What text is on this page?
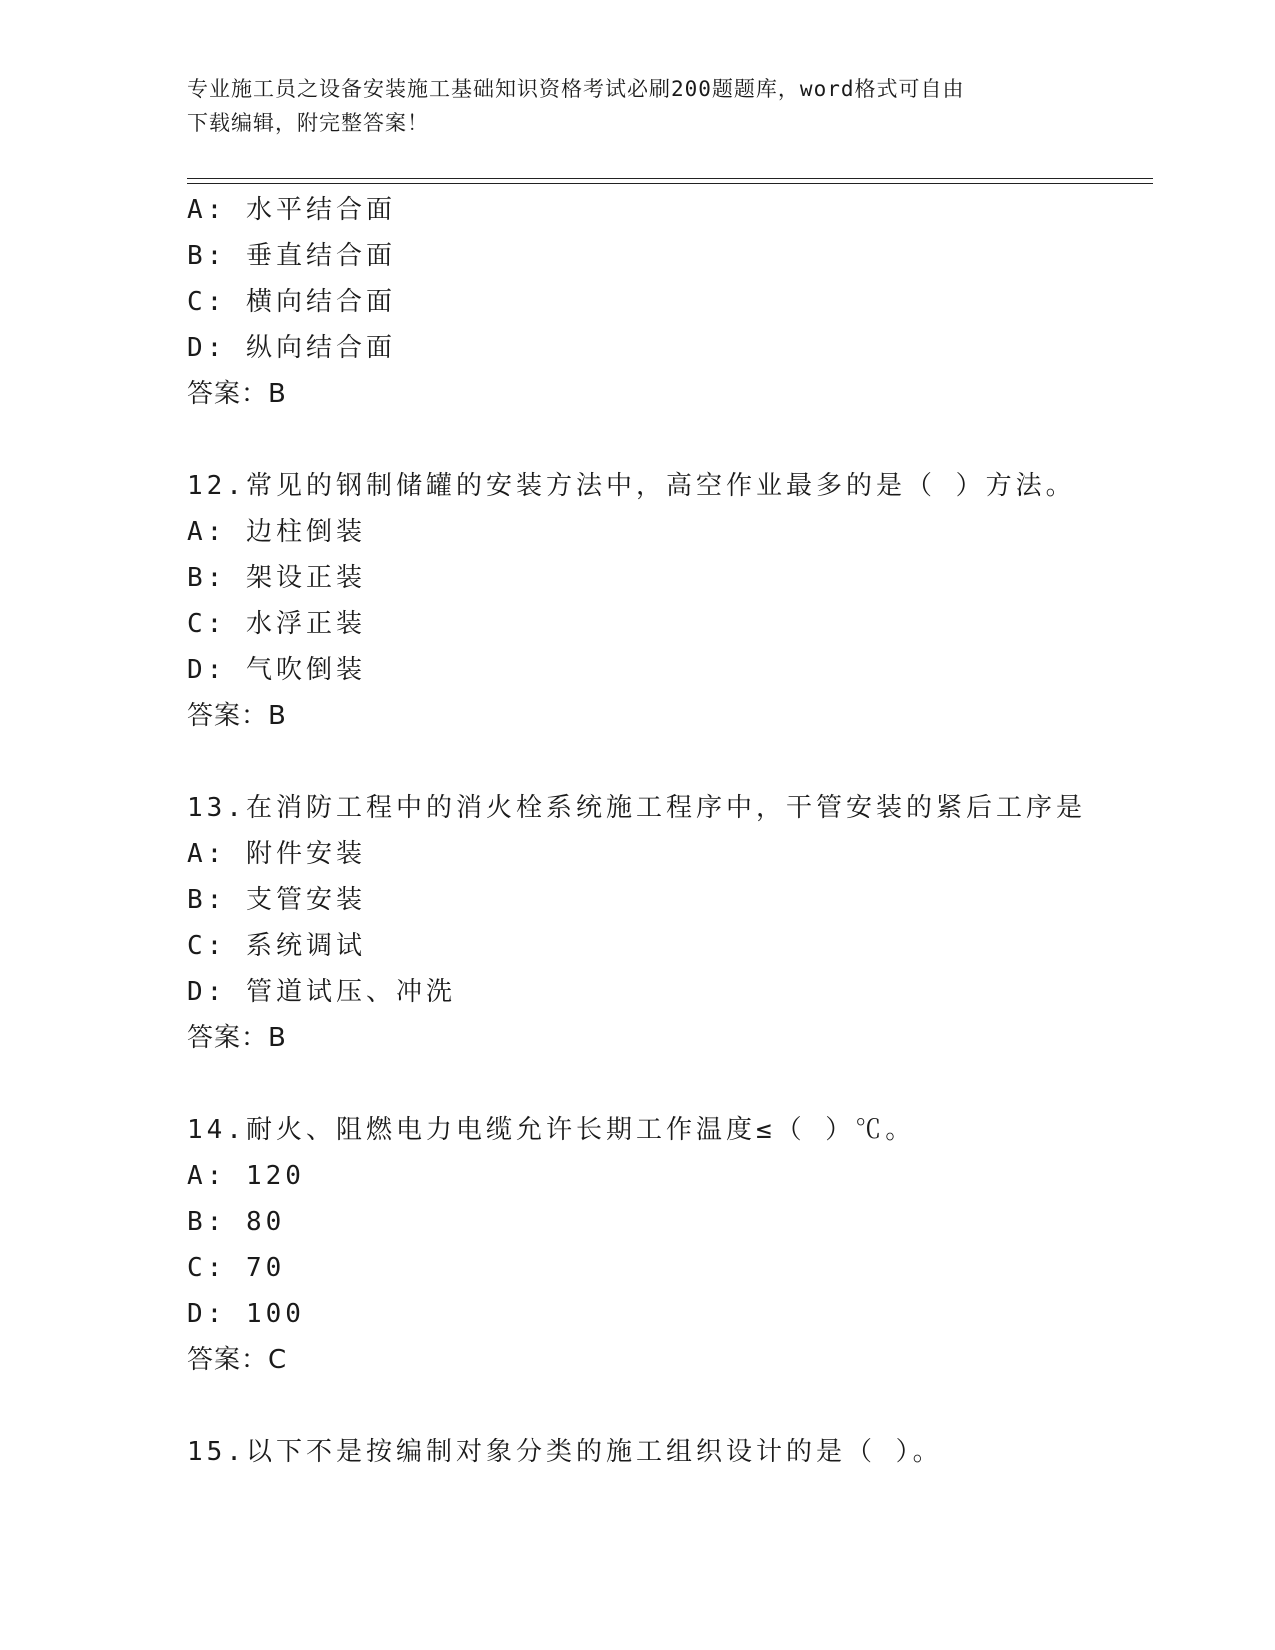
专业施工员之设备安装施工基础知识资格考试必刷200题题库，word格式可自由
下载编辑，附完整答案！
A: 水平结合面
B: 垂直结合面
C: 横向结合面
D: 纵向结合面
答案：B
12.常见的钢制储罐的安装方法中，高空作业最多的是（ ）方法。
A: 边柱倒装
B: 架设正装
C: 水浮正装
D: 气吹倒装
答案：B
13.在消防工程中的消火栓系统施工程序中，干管安装的紧后工序是
A: 附件安装
B: 支管安装
C: 系统调试
D: 管道试压、冲洗
答案：B
14.耐火、阻燃电力电缆允许长期工作温度≤（ ）℃。
A: 120
B: 80
C: 70
D: 100
答案：C
15.以下不是按编制对象分类的施工组织设计的是（ ）。
